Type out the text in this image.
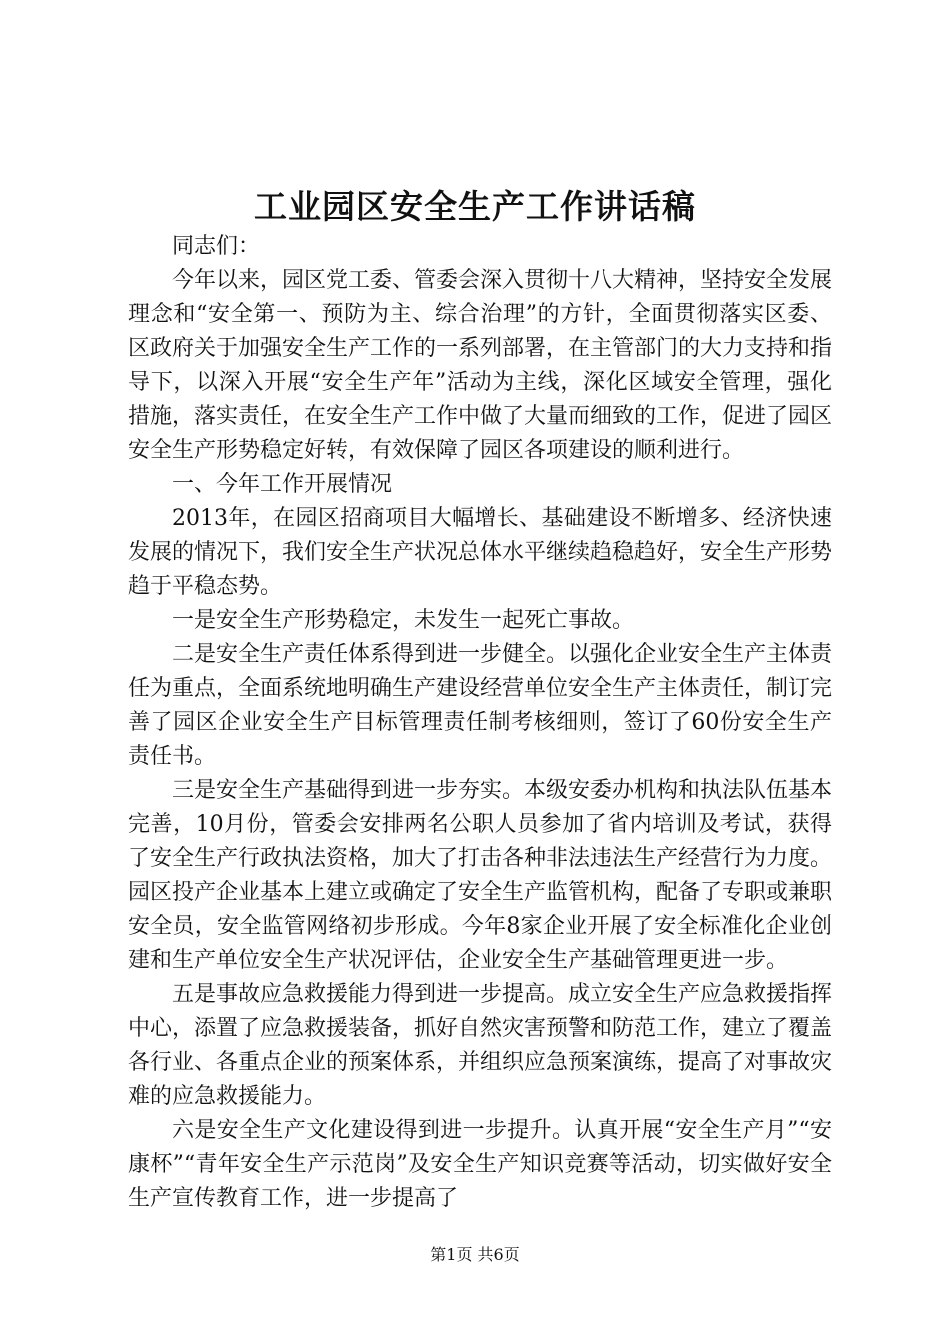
工业园区安全生产工作讲话稿

同志们：

今年以来，园区党工委、管委会深入贯彻十八大精神，坚持安全发展理念和“安全第一、预防为主、综合治理”的方针，全面贯彻落实区委、区政府关于加强安全生产工作的一系列部署，在主管部门的大力支持和指导下，以深入开展“安全生产年”活动为主线，深化区域安全管理，强化措施，落实责任，在安全生产工作中做了大量而细致的工作，促进了园区安全生产形势稳定好转，有效保障了园区各项建设的顺利进行。

一、今年工作开展情况

2013年，在园区招商项目大幅增长、基础建设不断增多、经济快速发展的情况下，我们安全生产状况总体水平继续趋稳趋好，安全生产形势趋于平稳态势。

一是安全生产形势稳定，未发生一起死亡事故。

二是安全生产责任体系得到进一步健全。以强化企业安全生产主体责任为重点，全面系统地明确生产建设经营单位安全生产主体责任，制订完善了园区企业安全生产目标管理责任制考核细则，签订了60份安全生产责任书。

三是安全生产基础得到进一步夯实。本级安委办机构和执法队伍基本完善，10月份，管委会安排两名公职人员参加了省内培训及考试，获得了安全生产行政执法资格，加大了打击各种非法违法生产经营行为力度。园区投产企业基本上建立或确定了安全生产监管机构，配备了专职或兼职安全员，安全监管网络初步形成。今年8家企业开展了安全标准化企业创建和生产单位安全生产状况评估，企业安全生产基础管理更进一步。

五是事故应急救援能力得到进一步提高。成立安全生产应急救援指挥中心，添置了应急救援装备，抓好自然灾害预警和防范工作，建立了覆盖各行业、各重点企业的预案体系，并组织应急预案演练，提高了对事故灾难的应急救援能力。

六是安全生产文化建设得到进一步提升。认真开展“安全生产月”“安康杯”“青年安全生产示范岗”及安全生产知识竞赛等活动，切实做好安全生产宣传教育工作，进一步提高了

第1页 共6页
